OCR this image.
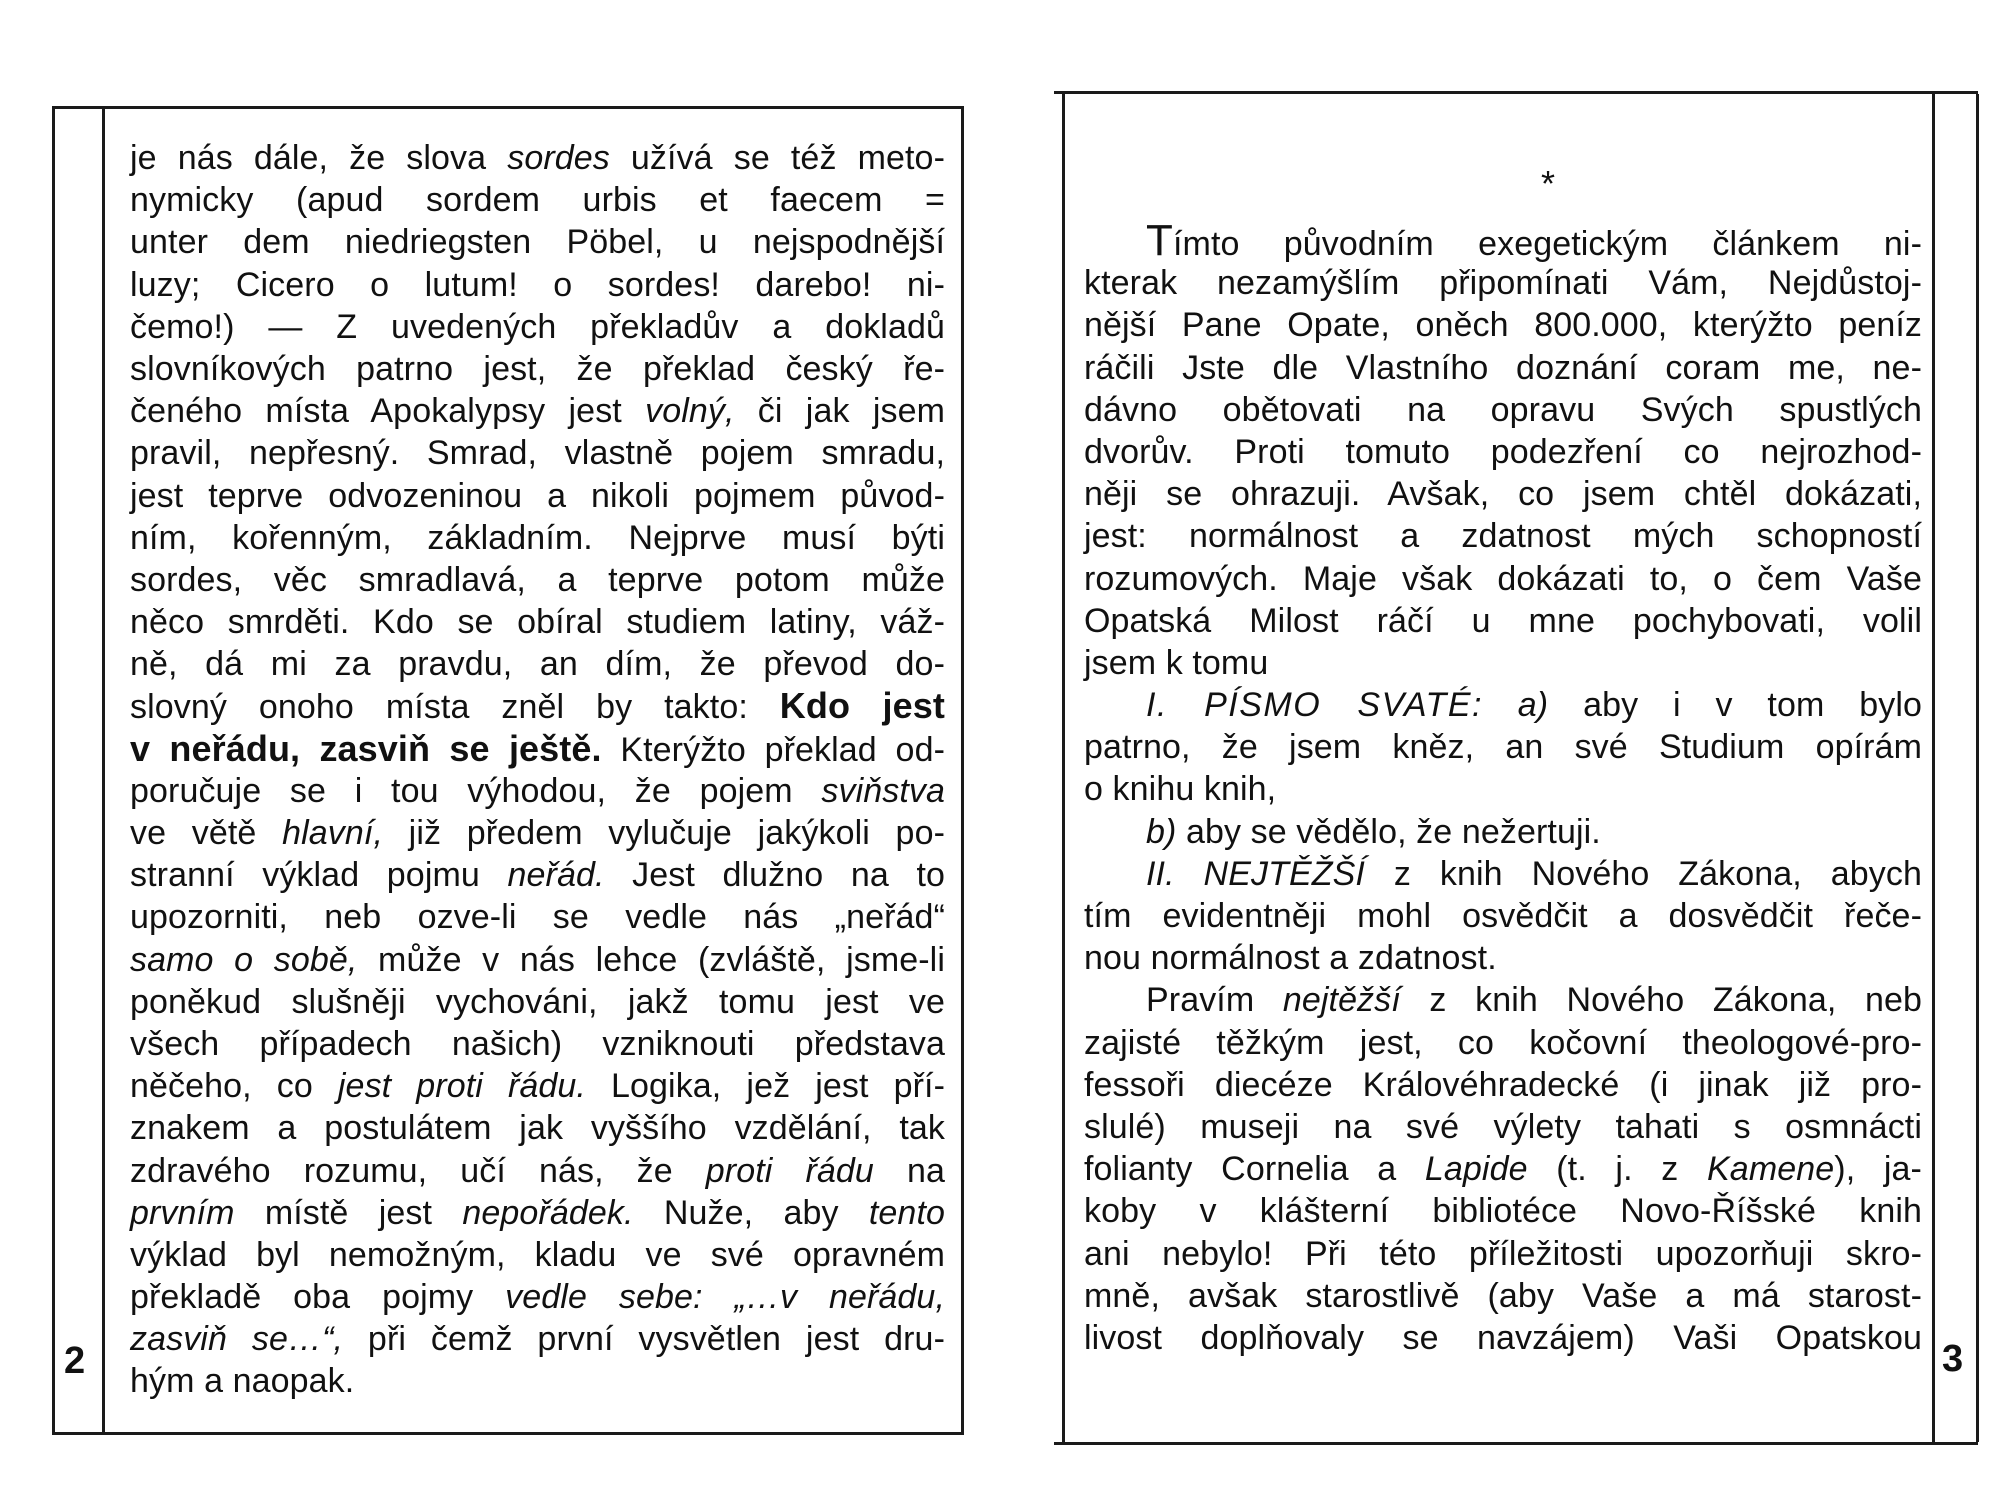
2
je nás dále, že slova sordes užívá se též meto-
nymicky (apud sordem urbis et faecem =
unter dem niedriegsten Pöbel, u nejspodnější
luzy; Cicero o lutum! o sordes! darebo! ni-
čemo!) — Z uvedených překladův a dokladů
slovníkových patrno jest, že překlad český ře-
čeného místa Apokalypsy jest volný, či jak jsem
pravil, nepřesný. Smrad, vlastně pojem smradu,
jest teprve odvozeninou a nikoli pojmem původ-
ním, kořenným, základním. Nejprve musí býti
sordes, věc smradlavá, a teprve potom může
něco smrděti. Kdo se obíral studiem latiny, váž-
ně, dá mi za pravdu, an dím, že převod do-
slovný onoho místa zněl by takto: Kdo jest
v neřádu, zasviň se ještě. Kterýžto překlad od-
poručuje se i tou výhodou, že pojem sviňstva
ve větě hlavní, již předem vylučuje jakýkoli po-
stranní výklad pojmu neřád. Jest dlužno na to
upozorniti, neb ozve-li se vedle nás „neřád“
samo o sobě, může v nás lehce (zvláště, jsme-li
poněkud slušněji vychováni, jakž tomu jest ve
všech případech našich) vzniknouti představa
něčeho, co jest proti řádu. Logika, jež jest pří-
znakem a postulátem jak vyššího vzdělání, tak
zdravého rozumu, učí nás, že proti řádu na
prvním místě jest nepořádek. Nuže, aby tento
výklad byl nemožným, kladu ve své opravném
překladě oba pojmy vedle sebe: „…v neřádu,
zasviň se…“, při čemž první vysvětlen jest dru-
hým a naopak.
3
*
Tímto původním exegetickým článkem ni-
kterak nezamýšlím připomínati Vám, Nejdůstoj-
nější Pane Opate, oněch 800.000, kterýžto peníz
ráčili Jste dle Vlastního doznání coram me, ne-
dávno obětovati na opravu Svých spustlých
dvorův. Proti tomuto podezření co nejrozhod-
něji se ohrazuji. Avšak, co jsem chtěl dokázati,
jest: normálnost a zdatnost mých schopností
rozumových. Maje však dokázati to, o čem Vaše
Opatská Milost ráčí u mne pochybovati, volil
jsem k tomu
I. PÍSMO SVATÉ: a) aby i v tom bylo
patrno, že jsem kněz, an své Studium opírám
o knihu knih,
b) aby se vědělo, že nežertuji.
II. NEJTĚŽŠÍ z knih Nového Zákona, abych
tím evidentněji mohl osvědčit a dosvědčit řeče-
nou normálnost a zdatnost.
Pravím nejtěžší z knih Nového Zákona, neb
zajisté těžkým jest, co kočovní theologové-pro-
fessoři diecéze Královéhradecké (i jinak již pro-
slulé) museji na své výlety tahati s osmnácti
folianty Cornelia a Lapide (t. j. z Kamene), ja-
koby v klášterní bibliotéce Novo-Říšské knih
ani nebylo! Při této příležitosti upozorňuji skro-
mně, avšak starostlivě (aby Vaše a má starost-
livost doplňovaly se navzájem) Vaši Opatskou
